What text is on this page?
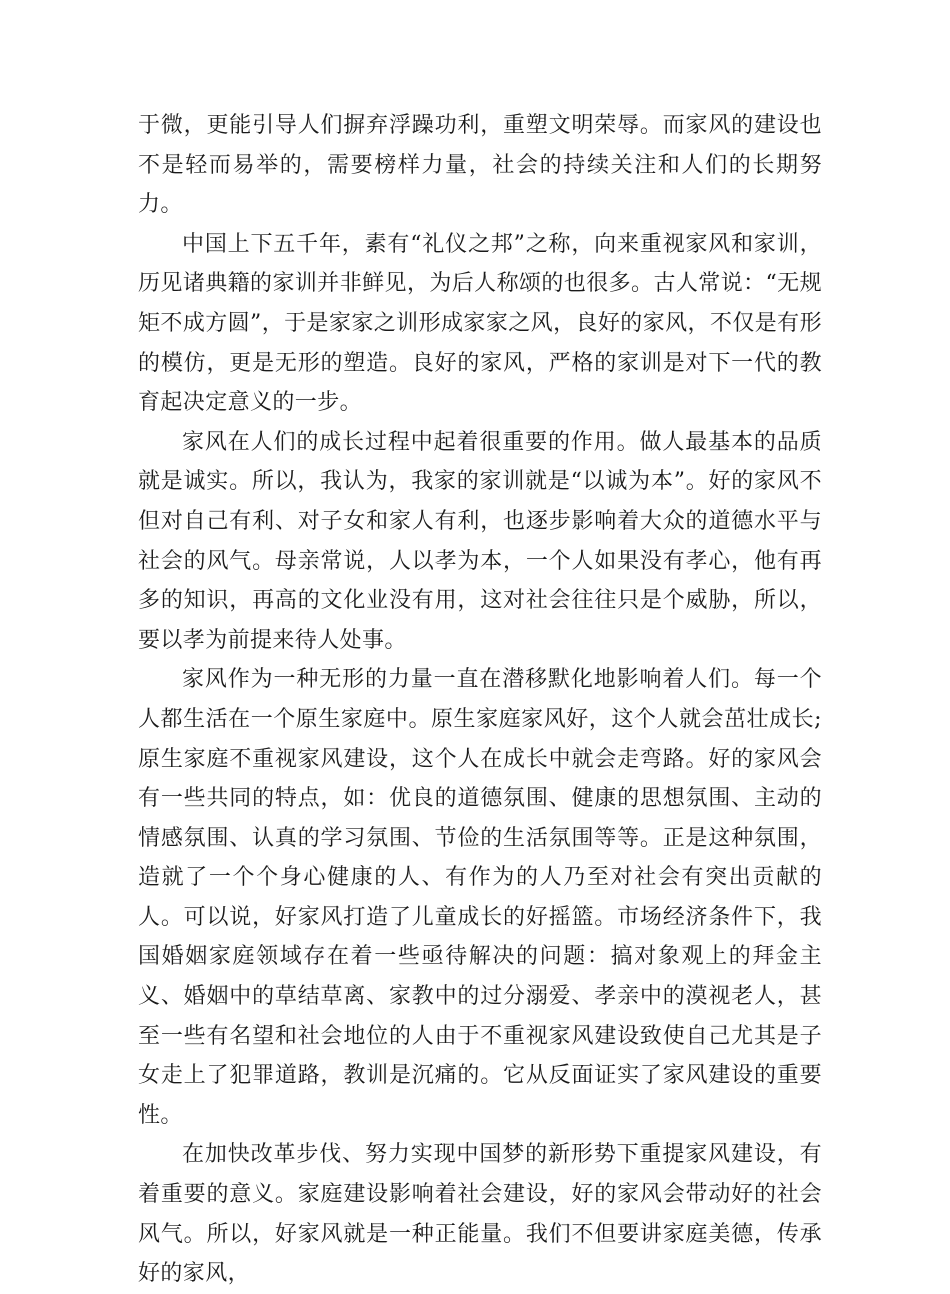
于微，更能引导人们摒弃浮躁功利，重塑文明荣辱。而家风的建设也不是轻而易举的，需要榜样力量，社会的持续关注和人们的长期努力。

中国上下五千年，素有“礼仪之邦”之称，向来重视家风和家训，历见诸典籍的家训并非鲜见，为后人称颂的也很多。古人常说：“无规矩不成方圆”，于是家家之训形成家家之风，良好的家风，不仅是有形的模仿，更是无形的塑造。良好的家风，严格的家训是对下一代的教育起决定意义的一步。

家风在人们的成长过程中起着很重要的作用。做人最基本的品质就是诚实。所以，我认为，我家的家训就是“以诚为本”。好的家风不但对自己有利、对子女和家人有利，也逐步影响着大众的道德水平与社会的风气。母亲常说，人以孝为本，一个人如果没有孝心，他有再多的知识，再高的文化业没有用，这对社会往往只是个威胁，所以，要以孝为前提来待人处事。

家风作为一种无形的力量一直在潜移默化地影响着人们。每一个人都生活在一个原生家庭中。原生家庭家风好，这个人就会茁壮成长;原生家庭不重视家风建设，这个人在成长中就会走弯路。好的家风会有一些共同的特点，如：优良的道德氛围、健康的思想氛围、主动的情感氛围、认真的学习氛围、节俭的生活氛围等等。正是这种氛围，造就了一个个身心健康的人、有作为的人乃至对社会有突出贡献的人。可以说，好家风打造了儿童成长的好摇篮。市场经济条件下，我国婚姻家庭领域存在着一些亟待解决的问题：搞对象观上的拜金主义、婚姻中的草结草离、家教中的过分溺爱、孝亲中的漠视老人，甚至一些有名望和社会地位的人由于不重视家风建设致使自己尤其是子女走上了犯罪道路，教训是沉痛的。它从反面证实了家风建设的重要性。

在加快改革步伐、努力实现中国梦的新形势下重提家风建设，有着重要的意义。家庭建设影响着社会建设，好的家风会带动好的社会风气。所以，好家风就是一种正能量。我们不但要讲家庭美德，传承好的家风，
